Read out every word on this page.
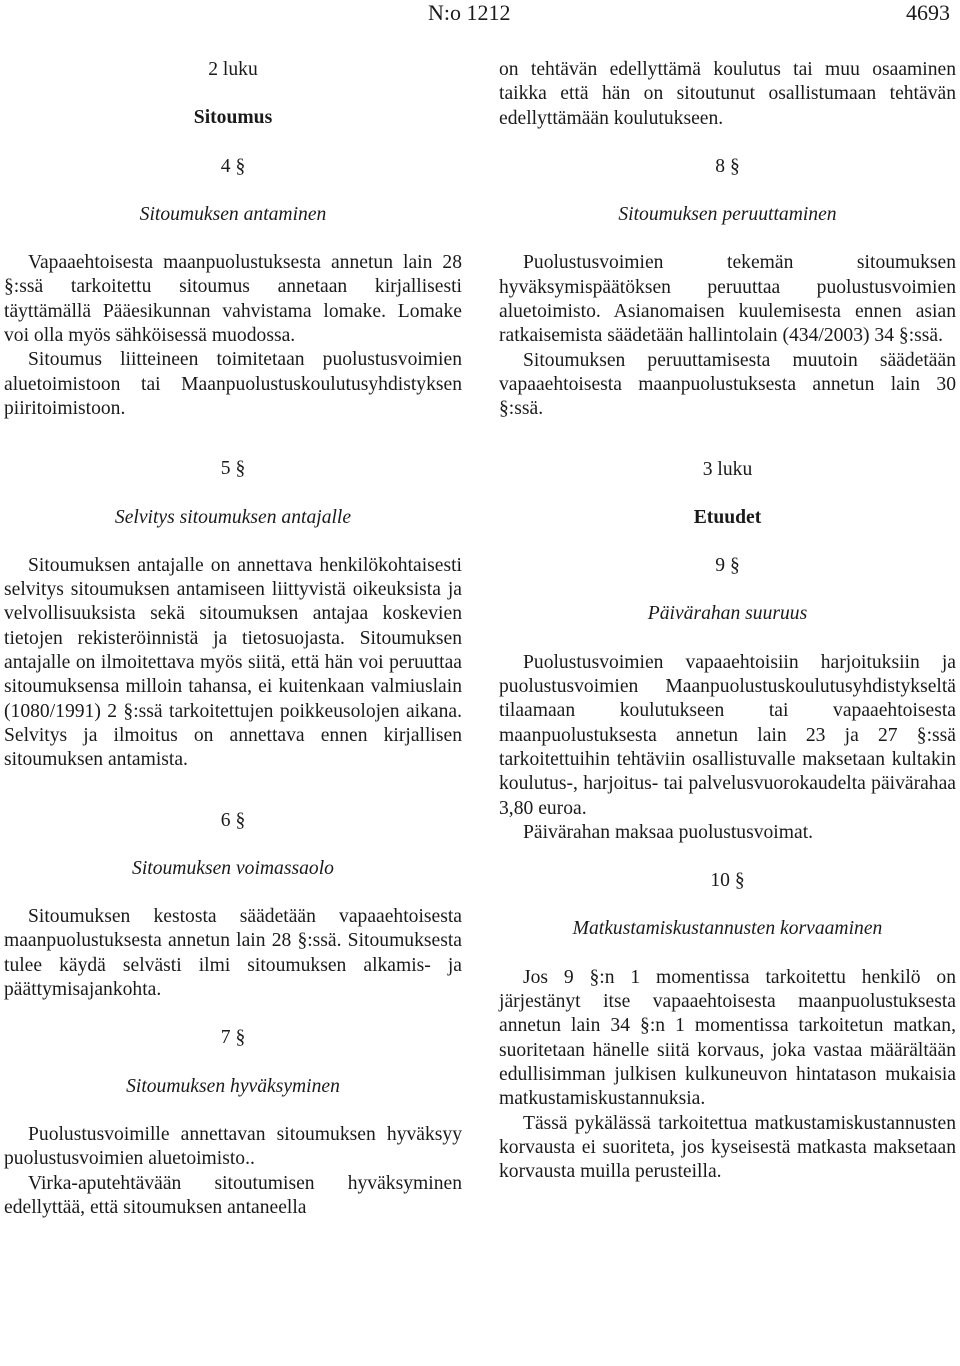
N:o 1212	4693
2 luku
Sitoumus
4 §
Sitoumuksen antaminen

Vapaaehtoisesta maanpuolustuksesta annetun lain 28 §:ssä tarkoitettu sitoumus annetaan kirjallisesti täyttämällä Pääesikunnan vahvistama lomake. Lomake voi olla myös sähköisessä muodossa.

Sitoumus liitteineen toimitetaan puolustusvoimien aluetoimistoon tai Maanpuolustuskoulutusyhdistyksen piiritoimistoon.

5 §
Selvitys sitoumuksen antajalle

Sitoumuksen antajalle on annettava henkilökohtaisesti selvitys sitoumuksen antamiseen liittyvistä oikeuksista ja velvollisuuksista sekä sitoumuksen antajaa koskevien tietojen rekisteröinnistä ja tietosuojasta. Sitoumuksen antajalle on ilmoitettava myös siitä, että hän voi peruuttaa sitoumuksensa milloin tahansa, ei kuitenkaan valmiuslain (1080/1991) 2 §:ssä tarkoitettujen poikkeusolojen aikana. Selvitys ja ilmoitus on annettava ennen kirjallisen sitoumuksen antamista.

6 §
Sitoumuksen voimassaolo

Sitoumuksen kestosta säädetään vapaaehtoisesta maanpuolustuksesta annetun lain 28 §:ssä. Sitoumuksesta tulee käydä selvästi ilmi sitoumuksen alkamis- ja päättymisajankohta.

7 §
Sitoumuksen hyväksyminen

Puolustusvoimille annettavan sitoumuksen hyväksyy puolustusvoimien aluetoimisto..

Virka-aputehtävään sitoutumisen hyväksyminen edellyttää, että sitoumuksen antaneella

on tehtävän edellyttämä koulutus tai muu osaaminen taikka että hän on sitoutunut osallistumaan tehtävän edellyttämään koulutukseen.

8 §
Sitoumuksen peruuttaminen

Puolustusvoimien tekemän sitoumuksen hyväksymispäätöksen peruuttaa puolustusvoimien aluetoimisto. Asianomaisen kuulemisesta ennen asian ratkaisemista säädetään hallintolain (434/2003) 34 §:ssä.

Sitoumuksen peruuttamisesta muutoin säädetään vapaaehtoisesta maanpuolustuksesta annetun lain 30 §:ssä.

3 luku
Etuudet
9 §
Päivärahan suuruus

Puolustusvoimien vapaaehtoisiin harjoituksiin ja puolustusvoimien Maanpuolustuskoulutusyhdistykseltä tilaamaan koulutukseen tai vapaaehtoisesta maanpuolustuksesta annetun lain 23 ja 27 §:ssä tarkoitettuihin tehtäviin osallistuvalle maksetaan kultakin koulutus-, harjoitus- tai palvelusvuorokaudelta päivärahaa 3,80 euroa.

Päivärahan maksaa puolustusvoimat.

10 §
Matkustamiskustannusten korvaaminen

Jos 9 §:n 1 momentissa tarkoitettu henkilö on järjestänyt itse vapaaehtoisesta maanpuolustuksesta annetun lain 34 §:n 1 momentissa tarkoitetun matkan, suoritetaan hänelle siitä korvaus, joka vastaa määrältään edullisimman julkisen kulkuneuvon hintatason mukaisia matkustamiskustannuksia.

Tässä pykälässä tarkoitettua matkustamiskustannusten korvausta ei suoriteta, jos kyseisestä matkasta maksetaan korvausta muilla perusteilla.
